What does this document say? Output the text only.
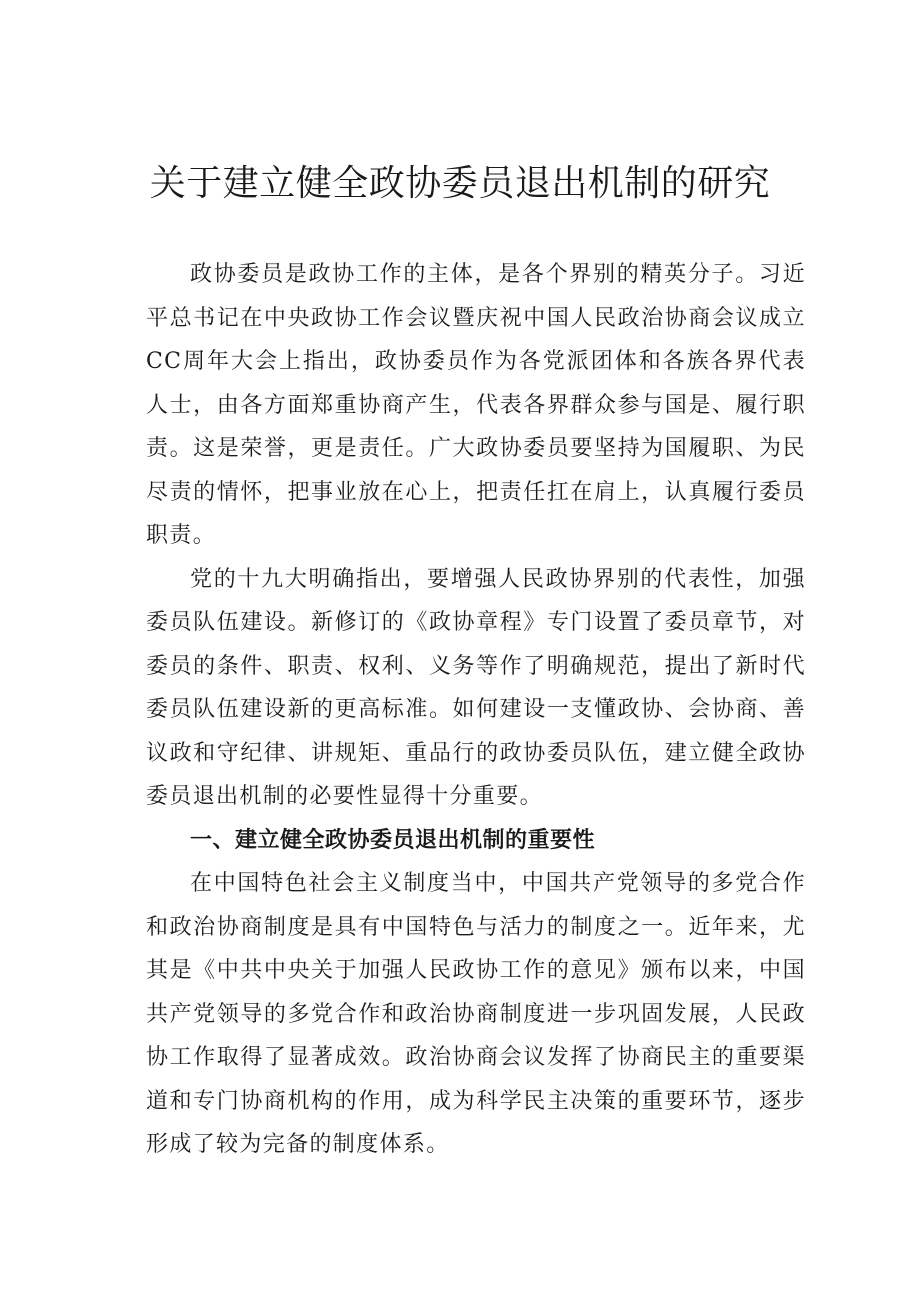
关于建立健全政协委员退出机制的研究

政协委员是政协工作的主体，是各个界别的精英分子。习近平总书记在中央政协工作会议暨庆祝中国人民政治协商会议成立CC周年大会上指出，政协委员作为各党派团体和各族各界代表人士，由各方面郑重协商产生，代表各界群众参与国是、履行职责。这是荣誉，更是责任。广大政协委员要坚持为国履职、为民尽责的情怀，把事业放在心上，把责任扛在肩上，认真履行委员职责。

党的十九大明确指出，要增强人民政协界别的代表性，加强委员队伍建设。新修订的《政协章程》专门设置了委员章节，对委员的条件、职责、权利、义务等作了明确规范，提出了新时代委员队伍建设新的更高标准。如何建设一支懂政协、会协商、善议政和守纪律、讲规矩、重品行的政协委员队伍，建立健全政协委员退出机制的必要性显得十分重要。

一、建立健全政协委员退出机制的重要性

在中国特色社会主义制度当中，中国共产党领导的多党合作和政治协商制度是具有中国特色与活力的制度之一。近年来，尤其是《中共中央关于加强人民政协工作的意见》颁布以来，中国共产党领导的多党合作和政治协商制度进一步巩固发展，人民政协工作取得了显著成效。政治协商会议发挥了协商民主的重要渠道和专门协商机构的作用，成为科学民主决策的重要环节，逐步形成了较为完备的制度体系。
